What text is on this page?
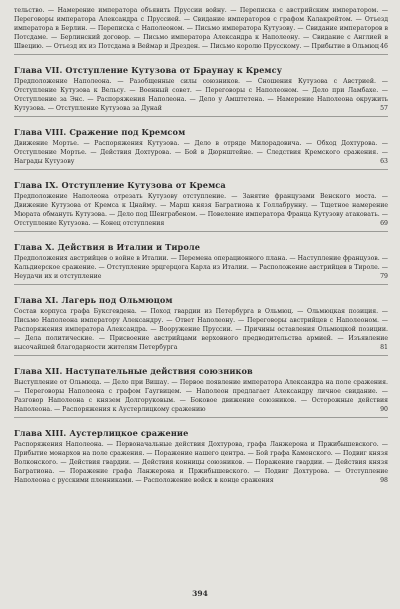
тельство. — Намерение императора объявить Пруссии войну. — Переписка с австрийским императором. — Переговоры императора Александра с Пруссией. — Свидание императоров с графом Калакрейтом. — Отъезд императора в Берлин. — Переписка с Наполеоном. — Письмо императора Кутузову. — Свидание императоров в Потсдаме. — Берлинский договор. — Письмо императора Александра к Наполеону. — Свидание с Англией в Швецию. — Отъезд их из Потсдама в Веймар и Дрезден. — Письмо королю Прусскому. — Прибытие в Ольмюц 46

Глава VII. Отступление Кутузова от Браунау к Кремсу

Предположение Наполеона. — Разобщенные силы союзников. — Сношения Кутузова с Австрией. — Отступление Кутузова к Вельсу. — Военный совет. — Переговоры с Наполеоном. — Дело при Ламбахе. — Отступление за Энс. — Распоряжения Наполеона. — Дело у Амштетена. — Намерение Наполеона окружить Кутузова. — Отступление Кутузова за Дунай	57

Глава VIII. Сражение под Кремсом

Движение Мортье. — Распоряжения Кутузова. — Дело в отряде Милорадовича. — Обход Дохтурова. — Отступление Мортье. — Действия Дохтурова. — Бой в Дюрнштейне. — Следствия Кремского сражения. — Награды Кутузову	63

Глава IX. Отступление Кутузова от Кремса

Предположение Наполеона отрезать Кутузову отступление. — Занятие французами Венского моста. — Движение Кутузова от Кремса к Цнайму. — Марш князя Багратиона к Голлабрунну. — Тщетное намерение Мюрата обмануть Кутузова. — Дело под Шенграбеном. — Повеление императора Франца Кутузову атаковать. — Отступление Кутузова. — Конец отступления	69

Глава X. Действия в Италии и Тироле

Предположения австрийцев о войне в Италии. — Перемена операционного плана. — Наступление французов. — Кальдиерское сражение. — Отступление эрцгерцога Карла из Италии. — Расположение австрийцев в Тироле. — Неудачи их и отступление	79

Глава XI. Лагерь под Ольмюцом

Состав корпуса графа Буксгевдена. — Поход гвардии из Петербурга в Ольмюц. — Ольмюцкая позиция. — Письмо Наполеона императору Александру. — Ответ Наполеону. — Переговоры австрийцев с Наполеоном. — Распоряжения императора Александра. — Вооружение Пруссии. — Причины оставления Ольмюцкой позиции. — Дела политические. — Присвоение австрийцами верховного предводительства армией. — Изъявление высочайшей благодарности жителям Петербурга	81

Глава XII. Наступательные действия союзников

Выступление от Ольмюца. — Дело при Вишау. — Первое появление императора Александра на поле сражения. — Переговоры Наполеона с графом Гаугвицем. — Наполеон предлагает Александру личное свидание. — Разговор Наполеона с князем Долгоруковым. — Боковое движение союзников. — Осторожные действия Наполеона. — Распоряжения к Аустерлицкому сражению	90

Глава XIII. Аустерлицкое сражение

Распоряжения Наполеона. — Первоначальные действия Дохтурова, графа Ланжерона и Пржибышевского. — Прибытие монархов на поле сражения. — Поражение нашего центра. — Бой графа Каменского. — Подвиг князя Волконского. — Действия гвардии. — Действия конницы союзников. — Поражение гвардии. — Действия князя Багратиона. — Поражение графа Ланжерона и Пржибышевского. — Подвиг Дохтурова. — Отступление Наполеона с русскими пленниками. — Расположение войск в конце сражения	98
394
